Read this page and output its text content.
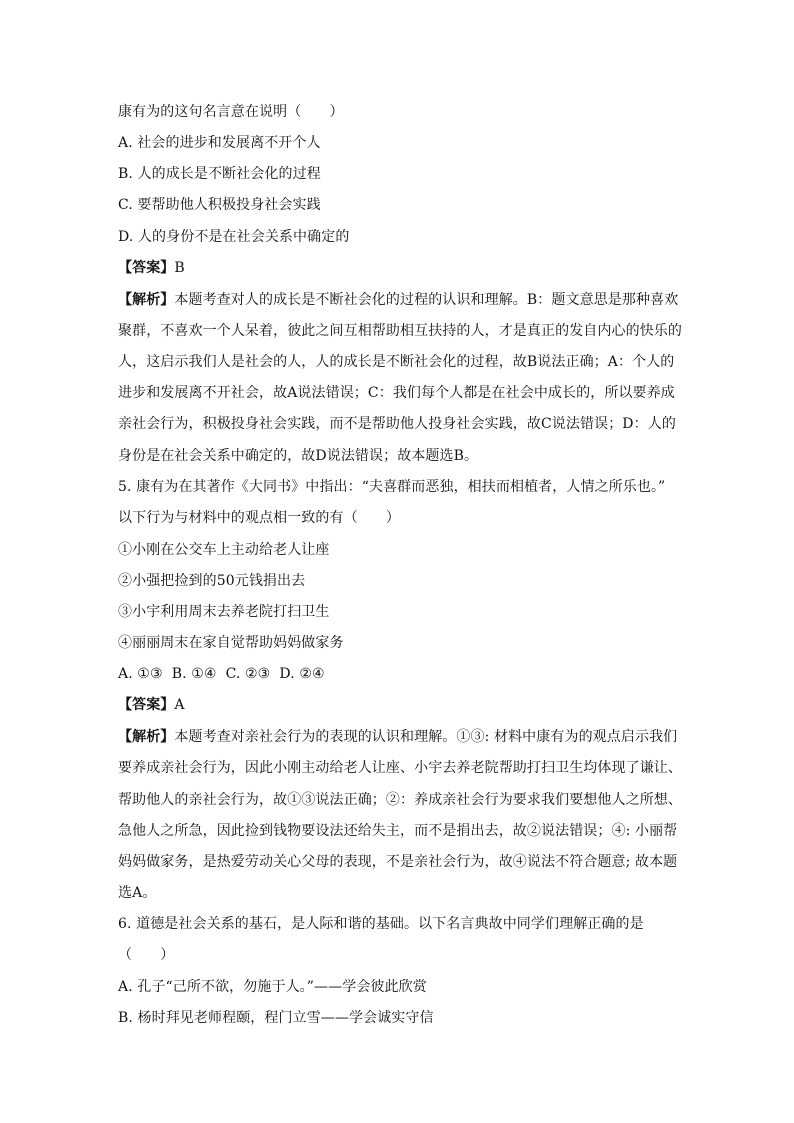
康有为的这句名言意在说明（　　）
A. 社会的进步和发展离不开个人
B. 人的成长是不断社会化的过程
C. 要帮助他人积极投身社会实践
D. 人的身份不是在社会关系中确定的
【答案】B
【解析】本题考查对人的成长是不断社会化的过程的认识和理解。B：题文意思是那种喜欢
聚群，不喜欢一个人呆着，彼此之间互相帮助相互扶持的人，才是真正的发自内心的快乐的
人，这启示我们人是社会的人，人的成长是不断社会化的过程，故B说法正确；A：个人的
进步和发展离不开社会，故A说法错误；C：我们每个人都是在社会中成长的，所以要养成
亲社会行为，积极投身社会实践，而不是帮助他人投身社会实践，故C说法错误；D：人的
身份是在社会关系中确定的，故D说法错误；故本题选B。
5. 康有为在其著作《大同书》中指出：“夫喜群而恶独，相扶而相植者，人情之所乐也。”
以下行为与材料中的观点相一致的有（　　）
①小刚在公交车上主动给老人让座
②小强把捡到的50元钱捐出去
③小宇利用周末去养老院打扫卫生
④丽丽周末在家自觉帮助妈妈做家务
A. ①③  B. ①④  C. ②③  D. ②④
【答案】A
【解析】本题考查对亲社会行为的表现的认识和理解。①③: 材料中康有为的观点启示我们
要养成亲社会行为，因此小刚主动给老人让座、小宇去养老院帮助打扫卫生均体现了谦让、
帮助他人的亲社会行为，故①③说法正确；②：养成亲社会行为要求我们要想他人之所想、
急他人之所急，因此捡到钱物要设法还给失主，而不是捐出去，故②说法错误；④: 小丽帮
妈妈做家务，是热爱劳动关心父母的表现，不是亲社会行为，故④说法不符合题意; 故本题
选A。
6. 道德是社会关系的基石，是人际和谐的基础。以下名言典故中同学们理解正确的是
（　　）
A. 孔子“己所不欲，勿施于人。”——学会彼此欣赏
B. 杨时拜见老师程颐，程门立雪——学会诚实守信
